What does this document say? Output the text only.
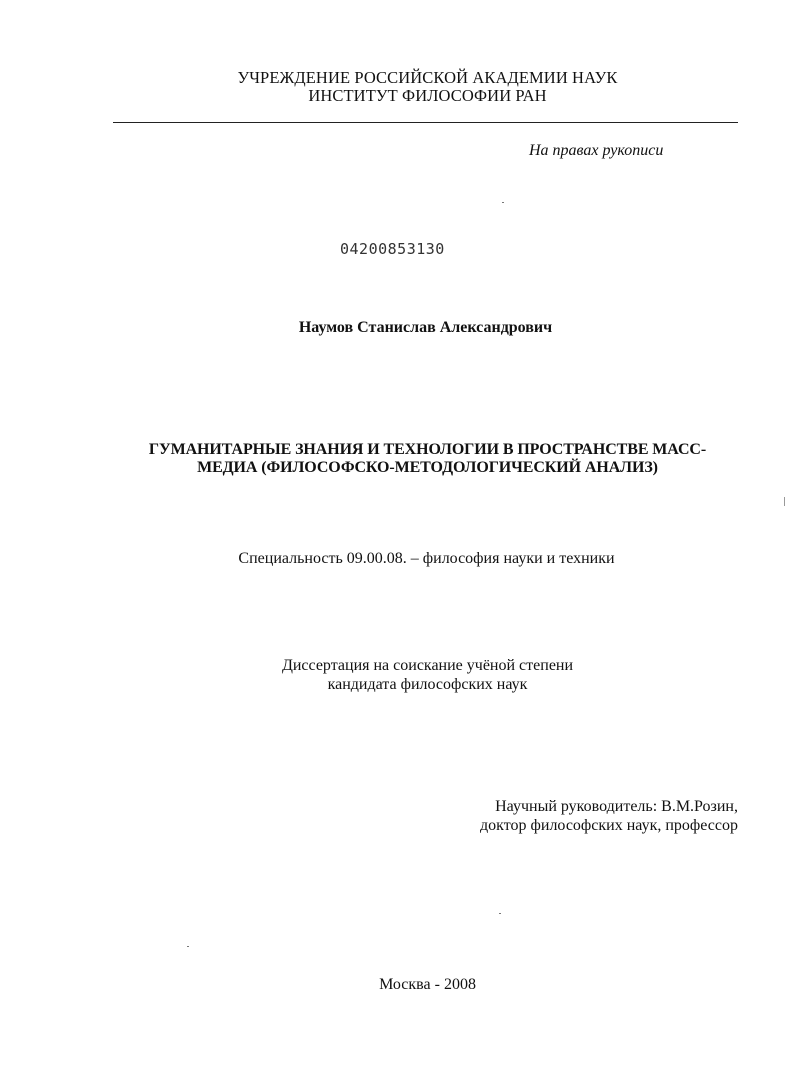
УЧРЕЖДЕНИЕ РОССИЙСКОЙ АКАДЕМИИ НАУК
ИНСТИТУТ ФИЛОСОФИИ РАН
На правах рукописи
04200853130
Наумов Станислав Александрович
ГУМАНИТАРНЫЕ ЗНАНИЯ И ТЕХНОЛОГИИ В ПРОСТРАНСТВЕ МАСС-
МЕДИА (ФИЛОСОФСКО-МЕТОДОЛОГИЧЕСКИЙ АНАЛИЗ)
Специальность 09.00.08. – философия науки и техники
Диссертация на соискание учёной степени
кандидата философских наук
Научный руководитель: В.М.Розин,
доктор философских наук, профессор
Москва - 2008
